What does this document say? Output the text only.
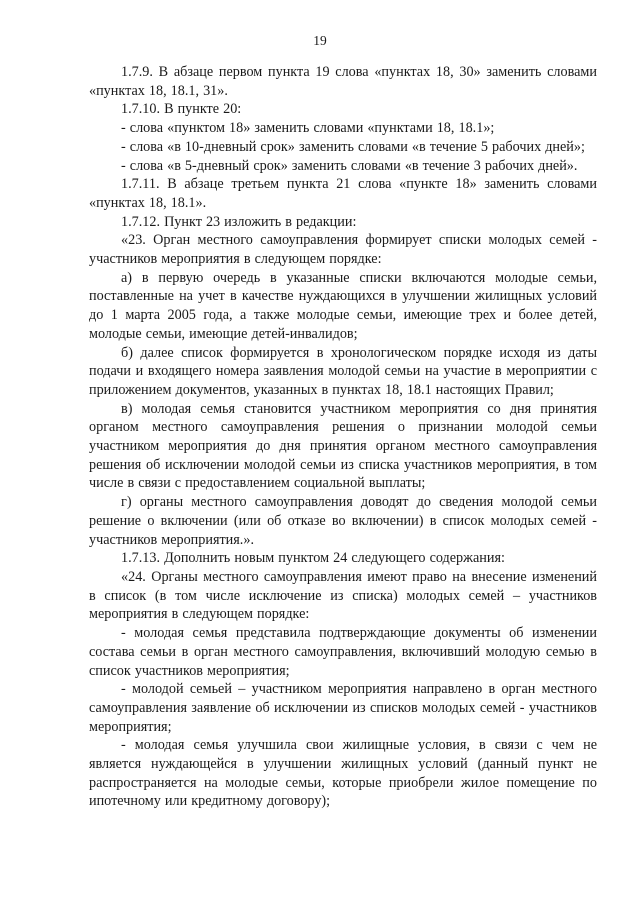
19

1.7.9. В абзаце первом пункта 19 слова «пунктах 18, 30» заменить словами «пунктах 18, 18.1, 31».

1.7.10. В пункте 20:

- слова «пунктом 18» заменить словами «пунктами 18, 18.1»;

- слова «в 10-дневный срок» заменить словами «в течение 5 рабочих дней»;

- слова «в 5-дневный срок» заменить словами «в течение 3 рабочих дней».

1.7.11. В абзаце третьем пункта 21 слова «пункте 18» заменить словами «пунктах 18, 18.1».

1.7.12. Пункт 23 изложить в редакции:

«23. Орган местного самоуправления формирует списки молодых семей - участников мероприятия в следующем порядке:

а) в первую очередь в указанные списки включаются молодые семьи, поставленные на учет в качестве нуждающихся в улучшении жилищных условий до 1 марта 2005 года, а также молодые семьи, имеющие трех и более детей, молодые семьи, имеющие детей-инвалидов;

б) далее список формируется в хронологическом порядке исходя из даты подачи и входящего номера заявления молодой семьи на участие в мероприятии с приложением документов, указанных в пунктах 18, 18.1 настоящих Правил;

в) молодая семья становится участником мероприятия со дня принятия органом местного самоуправления решения о признании молодой семьи участником мероприятия до дня принятия органом местного самоуправления решения об исключении молодой семьи из списка участников мероприятия, в том числе в связи с предоставлением социальной выплаты;

г) органы местного самоуправления доводят до сведения молодой семьи решение о включении (или об отказе во включении) в список молодых семей - участников мероприятия.».

1.7.13. Дополнить новым пунктом 24 следующего содержания:

«24. Органы местного самоуправления имеют право на внесение изменений в список (в том числе исключение из списка) молодых семей – участников мероприятия в следующем порядке:

- молодая семья представила подтверждающие документы об изменении состава семьи в орган местного самоуправления, включивший молодую семью в список участников мероприятия;

- молодой семьей – участником мероприятия направлено в орган местного самоуправления заявление об исключении из списков молодых семей - участников мероприятия;

- молодая семья улучшила свои жилищные условия, в связи с чем не является нуждающейся в улучшении жилищных условий (данный пункт не распространяется на молодые семьи, которые приобрели жилое помещение по ипотечному или кредитному договору);
